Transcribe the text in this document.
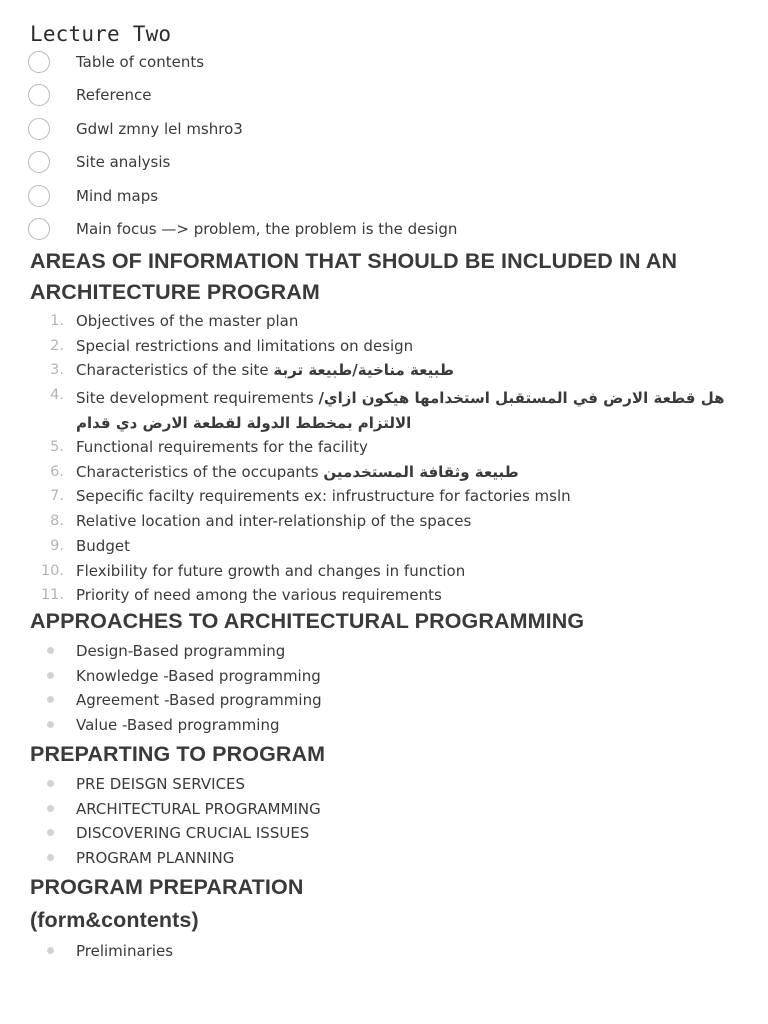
Lecture Two
Table of contents
Reference
Gdwl zmny lel mshro3
Site analysis
Mind maps
Main focus —> problem, the problem is the design
AREAS OF INFORMATION THAT SHOULD BE INCLUDED IN AN
ARCHITECTURE PROGRAM
1. Objectives of the master plan
2. Special restrictions and limitations on design
3. Characteristics of the site طبيعة مناخية/طبيعة تربة
4. Site development requirements هل قطعة الارض في المستقبل استخدامها هيكون ازاي/الالتزام بمخطط الدولة لقطعة الارض دي قدام
5. Functional requirements for the facility
6. Characteristics of the occupants طبيعة وثقافة المستخدمين
7. Sepecific facilty requirements ex: infrustructure for factories msln
8. Relative location and inter-relationship of the spaces
9. Budget
10. Flexibility for future growth and changes in function
11. Priority of need among the various requirements
APPROACHES TO ARCHITECTURAL PROGRAMMING
Design-Based programming
Knowledge -Based programming
Agreement -Based programming
Value -Based programming
PREPARTING TO PROGRAM
PRE DEISGN SERVICES
ARCHITECTURAL PROGRAMMING
DISCOVERING CRUCIAL ISSUES
PROGRAM PLANNING
PROGRAM PREPARATION
(form&contents)
Preliminaries
